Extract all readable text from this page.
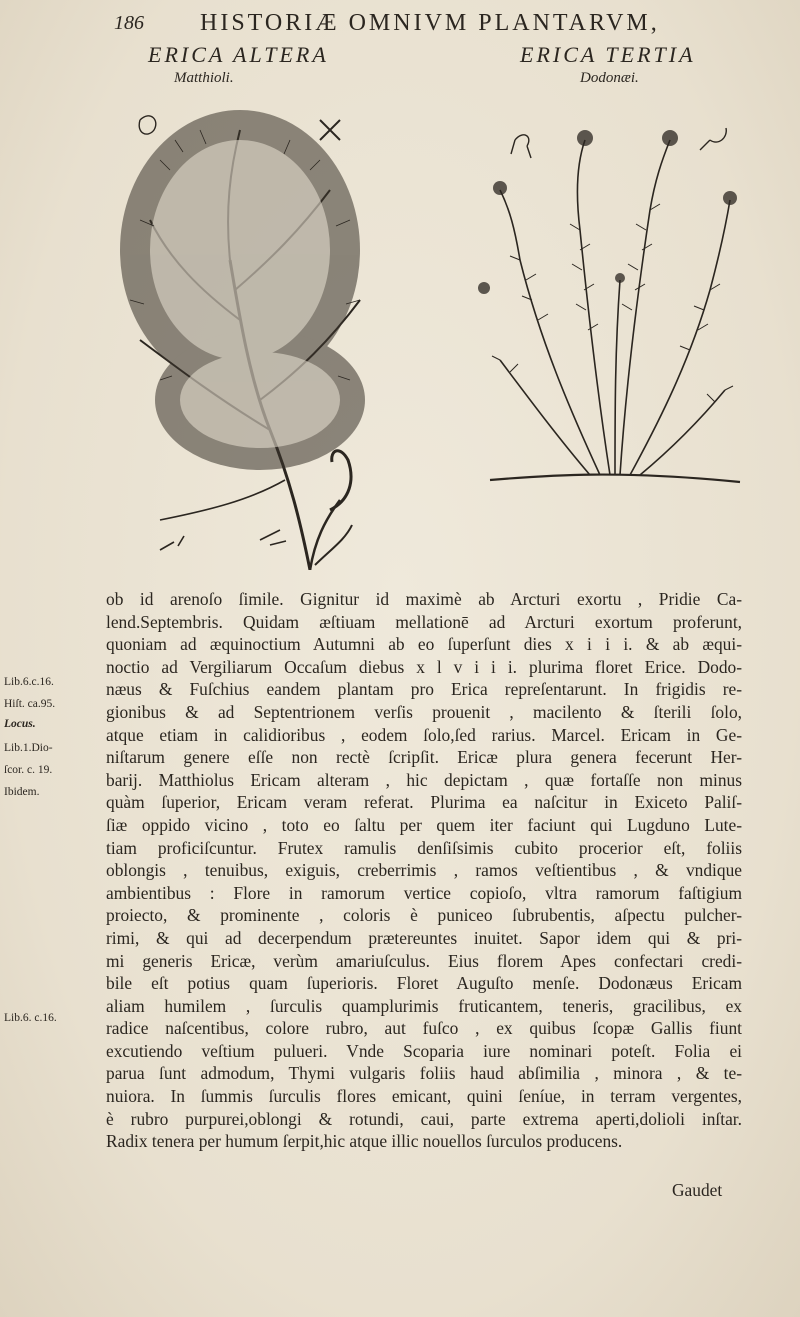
186 HISTORIÆ OMNIVM PLANTARVM,
ERICA ALTERA
Matthioli.
ERICA TERTIA
Dodonæi.
ob id arenoſo ſimile. Gignitur id maximè ab Arcturi exortu , Pridie Ca-
lend.Septembris. Quidam æſtiuam mellationē ad Arcturi exortum proferunt,
quoniam ad æquinoctium Autumni ab eo ſuperſunt dies x i i i. & ab æqui-
noctio ad Vergiliarum Occaſum diebus x l v i i i. plurima floret Erice. Dodo-
næus & Fuſchius eandem plantam pro Erica repreſentarunt. In frigidis re-
gionibus & ad Septentrionem verſis prouenit , macilento & ſterili ſolo,
atque etiam in calidioribus , eodem ſolo,ſed rarius. Marcel. Ericam in Ge-
niſtarum genere eſſe non rectè ſcripſit. Ericæ plura genera fecerunt Her-
barij. Matthiolus Ericam alteram , hic depictam , quæ fortaſſe non minus
quàm ſuperior, Ericam veram referat. Plurima ea naſcitur in Exiceto Paliſ-
ſiæ oppido vicino , toto eo ſaltu per quem iter faciunt qui Lugduno Lute-
tiam proficiſcuntur. Frutex ramulis denſiſsimis cubito procerior eſt, foliis
oblongis , tenuibus, exiguis, creberrimis , ramos veſtientibus , & vndique
ambientibus : Flore in ramorum vertice copioſo, vltra ramorum faſtigium
proiecto, & prominente , coloris è puniceo ſubrubentis, aſpectu pulcher-
rimi, & qui ad decerpendum prætereuntes inuitet. Sapor idem qui & pri-
mi generis Ericæ, verùm amariuſculus. Eius florem Apes confectari credi-
bile eſt potius quam ſuperioris. Floret Auguſto menſe. Dodonæus Ericam
aliam humilem , ſurculis quamplurimis fruticantem, teneris, gracilibus, ex
radice naſcentibus, colore rubro, aut fuſco , ex quibus ſcopæ Gallis fiunt
excutiendo veſtium pulueri. Vnde Scoparia iure nominari poteſt. Folia ei
parua ſunt admodum, Thymi vulgaris foliis haud abſimilia , minora , & te-
nuiora. In ſummis ſurculis flores emicant, quini ſeníue, in terram vergentes,
è rubro purpurei,oblongi & rotundi, caui, parte extrema aperti,dolioli inſtar.
Radix tenera per humum ſerpit,hic atque illic nouellos ſurculos producens.
Gaudet
Lib.6.c.16.
Hiſt. ca.95.
Locus.
Lib.1.Dio-
ſcor. c. 19.
Ibidem.
Lib.6. c.16.
